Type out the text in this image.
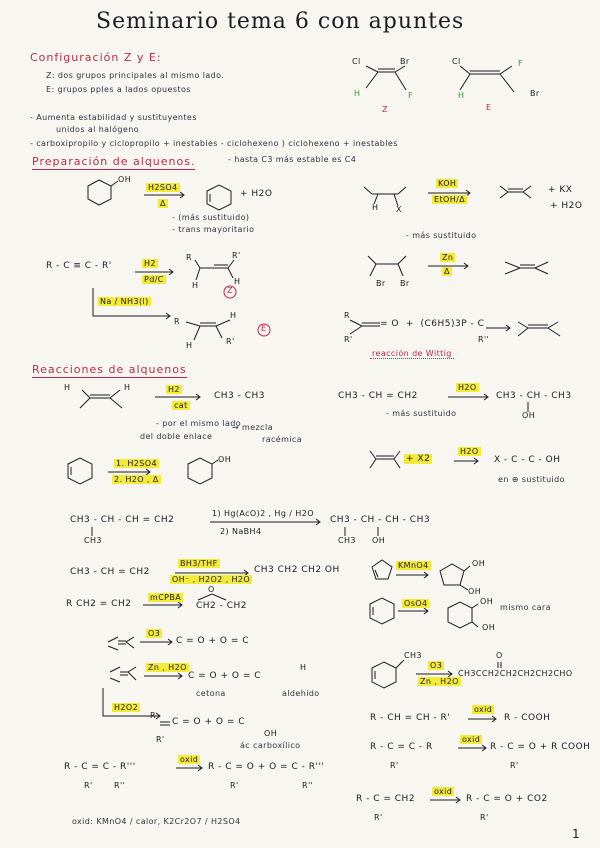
Seminario tema 6 con apuntes
Configuración Z y E:
Z: dos grupos principales al mismo lado.
E: grupos pples a lados opuestos
Cl	Br
H	F
Z
Cl	F
H	Br
E
- Aumenta estabilidad y sustituyentes
unidos al halógeno
- carboxipropilo y ciclopropilo + inestables - ciclohexeno ) ciclohexeno + inestables
Preparación de alquenos.	- hasta C3 más estable es C4
OH
H2SO4
Δ
+ H2O
- (más sustituido)
- trans mayoritario
H X
KOH
EtOH/Δ
+ KX
+ H2O
- más sustituido
R - C ≡ C - R'	H2
Pd/C
R	R'
H	H
Z
Na / NH3(l)
R
H
H	R'
E
Zn
Δ
Br Br
R
R'
= O  +  (C6H5)3P - C
R''
reacción de Wittig
Reacciones de alquenos
H	H	H2
cat
CH3 - CH3
- por el mismo lado
del doble enlace
→ mezcla
racémica
CH3 - CH = CH2
H2O
CH3 - CH - CH3
OH
- más sustituido
1. H2SO4
2. H2O , Δ
OH	+ X2
H2O
X - C - C - OH
en ⊕ sustituido
CH3 - CH - CH = CH2
CH3
1) Hg(AcO)2 , Hg / H2O
2) NaBH4
CH3 - CH - CH - CH3
CH3 OH
CH3 - CH = CH2
BH3/THF
OH⁻ , H2O2 , H2O
CH3 CH2 CH2 OH	KMnO4	OH
OH
R CH2 = CH2
mCPBA
CH2 - CH2
O
OsO4	OH
OH
mismo cara
O3
C = O + O = C
CH3
O3
Zn , H2O
O
CH3CCH2CH2CH2CH2CHO
Zn , H2O
C = O + O = C
H
cetona	aldehído
H2O2
R
R'
C = O + O = C
OH
ác carboxílico
R - CH = CH - R'
oxid
R - COOH
R - C = C - R'''
R'	R''
oxid
R - C = O + O = C - R'''
R'	R''
R - C = C - R
R'
oxid
R - C = O + R COOH
R'
R - C = CH2
R'
oxid
R - C = O + CO2
R'
oxid: KMnO4 / calor, K2Cr2O7 / H2SO4
1
